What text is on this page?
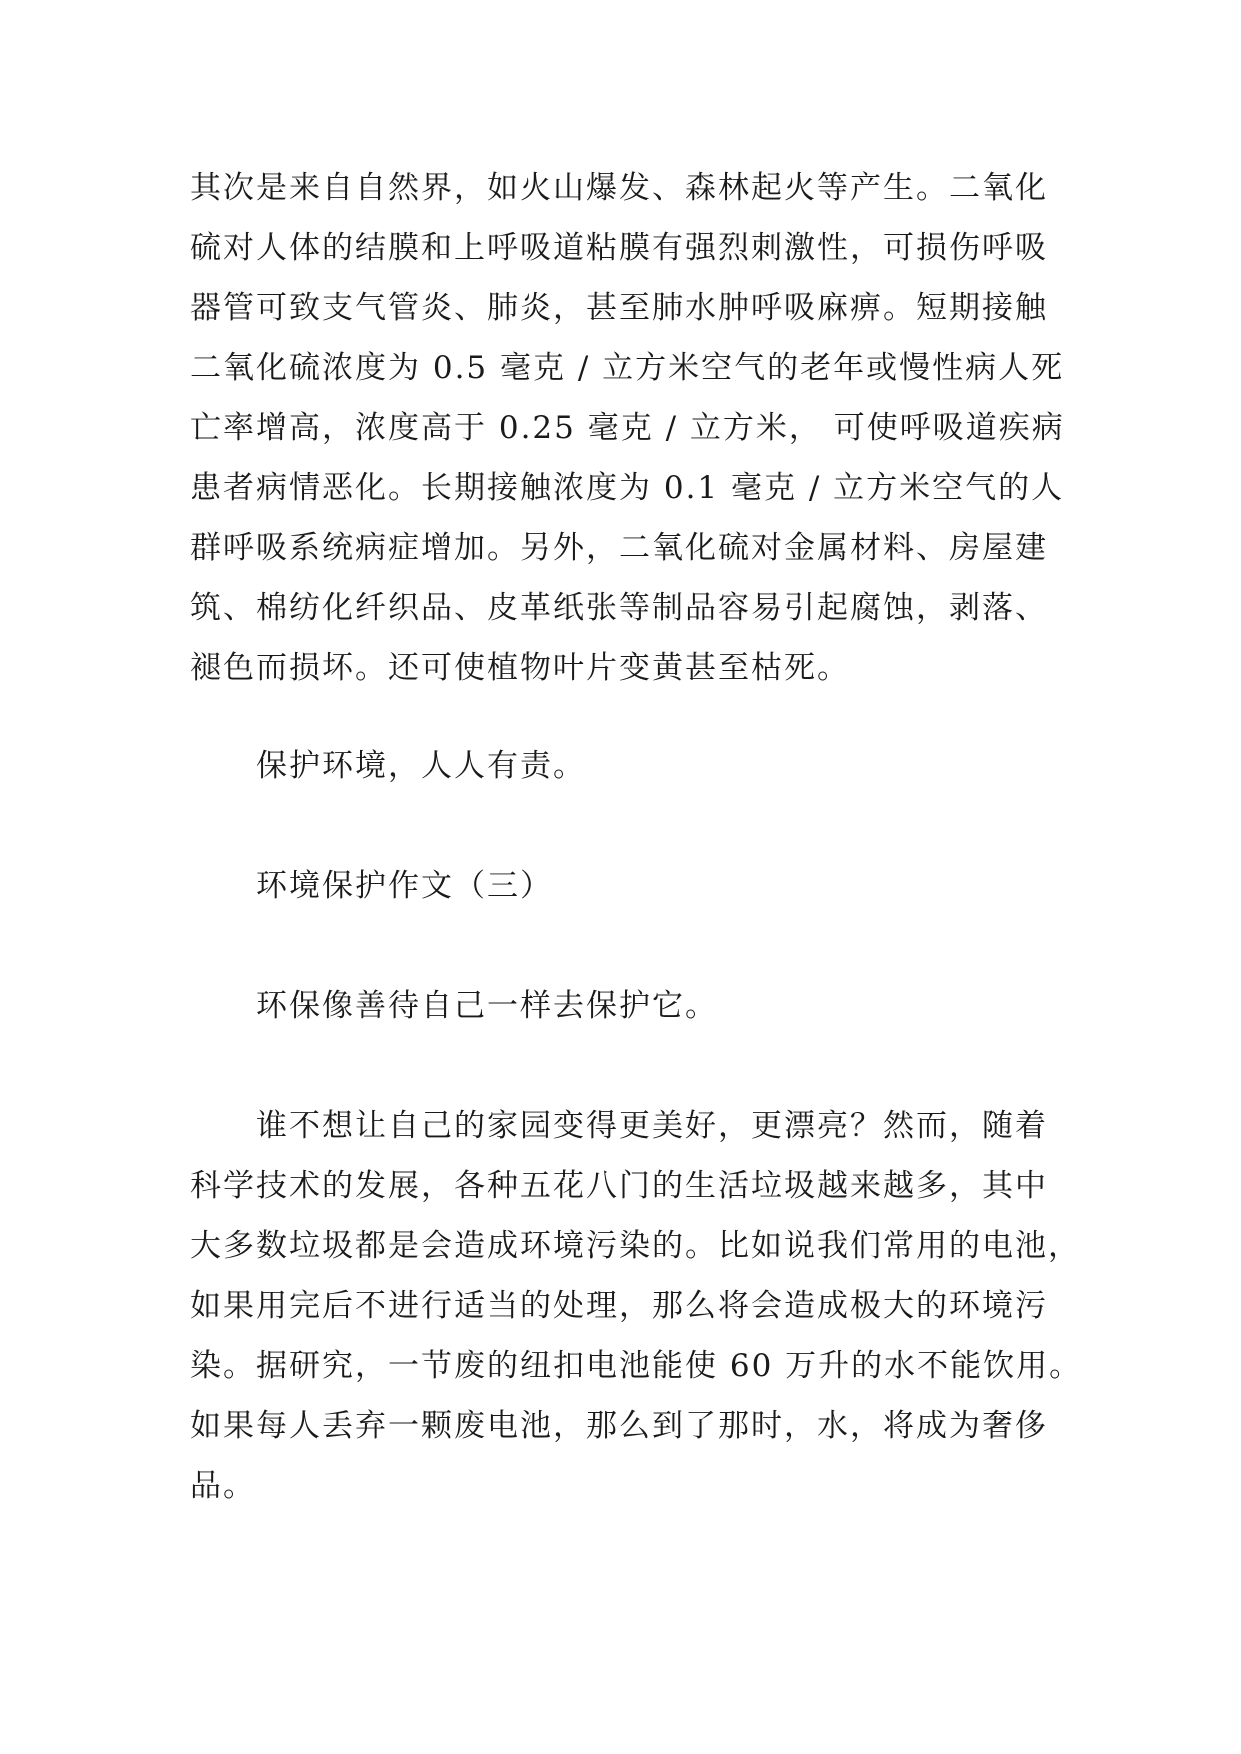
其次是来自自然界，如火山爆发、森林起火等产生。二氧化
硫对人体的结膜和上呼吸道粘膜有强烈刺激性，可损伤呼吸
器管可致支气管炎、肺炎，甚至肺水肿呼吸麻痹。短期接触
二氧化硫浓度为 0.5 毫克 / 立方米空气的老年或慢性病人死
亡率增高，浓度高于 0.25 毫克 / 立方米， 可使呼吸道疾病
患者病情恶化。长期接触浓度为 0.1 毫克 / 立方米空气的人
群呼吸系统病症增加。另外，二氧化硫对金属材料、房屋建
筑、棉纺化纤织品、皮革纸张等制品容易引起腐蚀，剥落、
褪色而损坏。还可使植物叶片变黄甚至枯死。

保护环境，人人有责。

环境保护作文（三）

环保像善待自己一样去保护它。

谁不想让自己的家园变得更美好，更漂亮？然而，随着
科学技术的发展，各种五花八门的生活垃圾越来越多，其中
大多数垃圾都是会造成环境污染的。比如说我们常用的电池，
如果用完后不进行适当的处理，那么将会造成极大的环境污
染。据研究，一节废的纽扣电池能使 60 万升的水不能饮用。
如果每人丢弃一颗废电池，那么到了那时，水，将成为奢侈
品。
